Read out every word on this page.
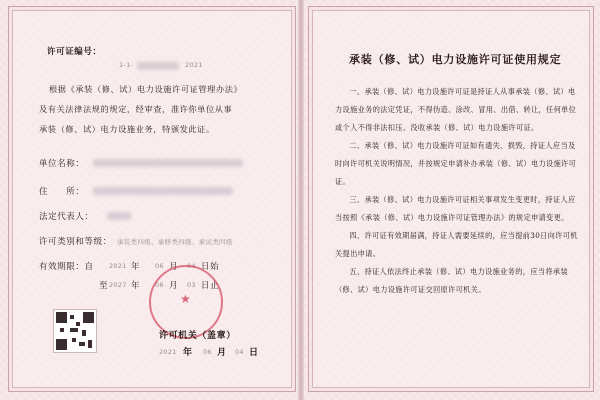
许可证编号：
1-1-	2021
根据《承装（修、试）电力设施许可证管理办法》
及有关法律法规的规定，经审查，准许你单位从事
承装（修、试）电力设施业务，特颁发此证。
单位名称：
住　　所：
法定代表人：
许可类别和等级： 承装类四级、承修类四级、承试类四级
有效期限：自 2021 年 06 月 04 日始
至 2027 年 06 月 03 日止
★
许可机关（盖章）
2021 年 06 月 04 日
承装（修、试）电力设施许可证使用规定

一、承装（修、试）电力设施许可证是持证人从事承装（修、试）电力设施业务的法定凭证，不得伪造、涂改、冒用、出借、转让，任何单位或个人不得非法扣压、没收承装（修、试）电力设施许可证。

二、承装（修、试）电力设施许可证如有遗失、损毁，持证人应当及时向许可机关说明情况，并按规定申请补办承装（修、试）电力设施许可证。

三、承装（修、试）电力设施许可证相关事项发生变更时，持证人应当按照《承装（修、试）电力设施许可证管理办法》的规定申请变更。

四、许可证有效期届满，持证人需要延续的，应当提前30日向许可机关提出申请。

五、持证人依法终止承装（修、试）电力设施业务的，应当将承装（修、试）电力设施许可证交回原许可机关。
